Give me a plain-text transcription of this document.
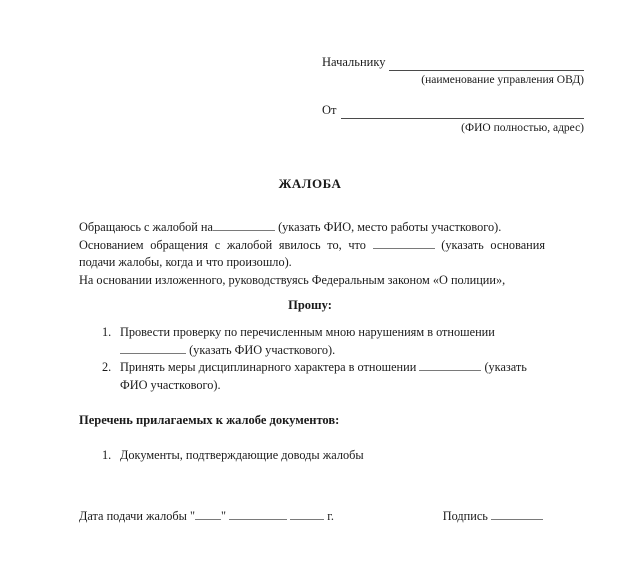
Начальнику
(наименование управления ОВД)
От
(ФИО полностью, адрес)
ЖАЛОБА

Обращаюсь с жалобой на	(указать ФИО, место работы участкового).

Основанием обращения с жалобой явилось то, что	(указать основания подачи жалобы, когда и что произошло).

На основании изложенного, руководствуясь Федеральным законом «О полиции»,

Прошу:
1. Провести проверку по перечисленным мною нарушениям в отношении  (указать ФИО участкового).
2. Принять меры дисциплинарного характера в отношении	(указать ФИО участкового).
Перечень прилагаемых к жалобе документов:
1. Документы, подтверждающие доводы жалобы
Дата подачи жалобы " "	г.	Подпись
